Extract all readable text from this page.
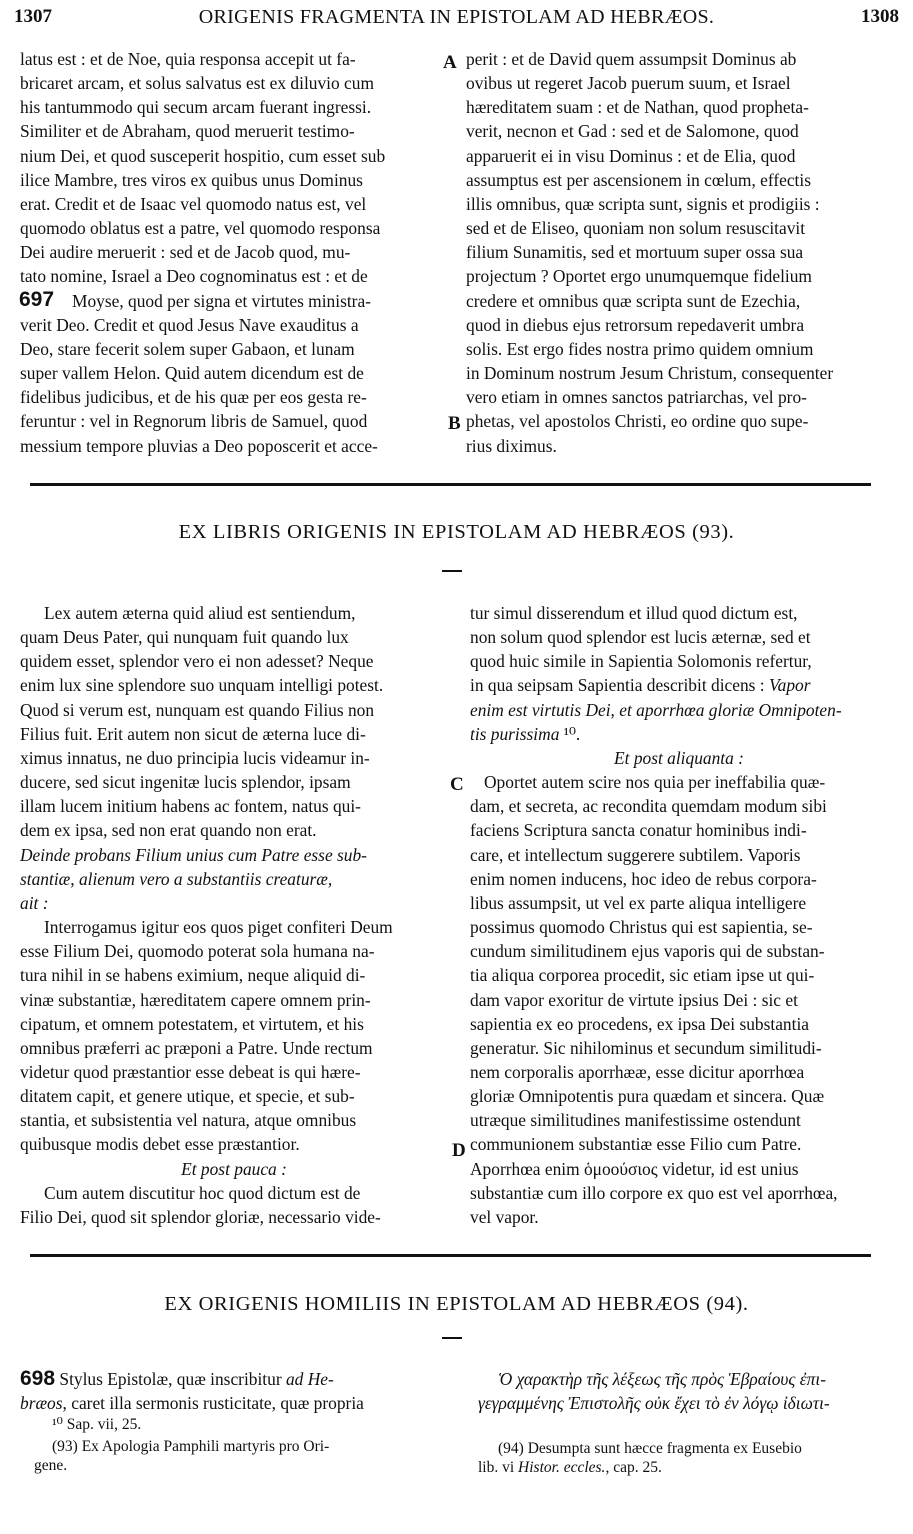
1307	ORIGENIS FRAGMENTA IN EPISTOLAM AD HEBRÆOS.	1308

latus est : et de Noe, quia responsa accepit ut fa-

bricaret arcam, et solus salvatus est ex diluvio cum

his tantummodo qui secum arcam fuerant ingressi.

Similiter et de Abraham, quod meruerit testimo-

nium Dei, et quod susceperit hospitio, cum esset sub

ilice Mambre, tres viros ex quibus unus Dominus

erat. Credit et de Isaac vel quomodo natus est, vel

quomodo oblatus est a patre, vel quomodo responsa

Dei audire meruerit : sed et de Jacob quod, mu-

tato nomine, Israel a Deo cognominatus est : et de

Moyse, quod per signa et virtutes ministra-

verit Deo. Credit et quod Jesus Nave exauditus a

Deo, stare fecerit solem super Gabaon, et lunam

super vallem Helon. Quid autem dicendum est de

fidelibus judicibus, et de his quæ per eos gesta re-

feruntur : vel in Regnorum libris de Samuel, quod

messium tempore pluvias a Deo poposcerit et acce-

697
A
B

perit : et de David quem assumpsit Dominus ab

ovibus ut regeret Jacob puerum suum, et Israel

hæreditatem suam : et de Nathan, quod propheta-

verit, necnon et Gad : sed et de Salomone, quod

apparuerit ei in visu Dominus : et de Elia, quod

assumptus est per ascensionem in cœlum, effectis

illis omnibus, quæ scripta sunt, signis et prodigiis :

sed et de Eliseo, quoniam non solum resuscitavit

filium Sunamitis, sed et mortuum super ossa sua

projectum ? Oportet ergo unumquemque fidelium

credere et omnibus quæ scripta sunt de Ezechia,

quod in diebus ejus retrorsum repedaverit umbra

solis. Est ergo fides nostra primo quidem omnium

in Dominum nostrum Jesum Christum, consequenter

vero etiam in omnes sanctos patriarchas, vel pro-

phetas, vel apostolos Christi, eo ordine quo supe-

rius diximus.

EX LIBRIS ORIGENIS IN EPISTOLAM AD HEBRÆOS (93).

Lex autem æterna quid aliud est sentiendum,

quam Deus Pater, qui nunquam fuit quando lux

quidem esset, splendor vero ei non adesset? Neque

enim lux sine splendore suo unquam intelligi potest.

Quod si verum est, nunquam est quando Filius non

Filius fuit. Erit autem non sicut de æterna luce di-

ximus innatus, ne duo principia lucis videamur in-

ducere, sed sicut ingenitæ lucis splendor, ipsam

illam lucem initium habens ac fontem, natus qui-

dem ex ipsa, sed non erat quando non erat.

Deinde probans Filium unius cum Patre esse sub-

stantiæ, alienum vero a substantiis creaturæ,

ait :

Interrogamus igitur eos quos piget confiteri Deum

esse Filium Dei, quomodo poterat sola humana na-

tura nihil in se habens eximium, neque aliquid di-

vinæ substantiæ, hæreditatem capere omnem prin-

cipatum, et omnem potestatem, et virtutem, et his

omnibus præferri ac præponi a Patre. Unde rectum

videtur quod præstantior esse debeat is qui hære-

ditatem capit, et genere utique, et specie, et sub-

stantia, et subsistentia vel natura, atque omnibus

quibusque modis debet esse præstantior.

Et post pauca :

Cum autem discutitur hoc quod dictum est de

Filio Dei, quod sit splendor gloriæ, necessario vide-

C
D

tur simul disserendum et illud quod dictum est,

non solum quod splendor est lucis æternæ, sed et

quod huic simile in Sapientia Solomonis refertur,

in qua seipsam Sapientia describit dicens : Vapor

enim est virtutis Dei, et aporrhœa gloriæ Omnipoten-

tis purissima ¹⁰.

Et post aliquanta :

Oportet autem scire nos quia per ineffabilia quæ-

dam, et secreta, ac recondita quemdam modum sibi

faciens Scriptura sancta conatur hominibus indi-

care, et intellectum suggerere subtilem. Vaporis

enim nomen inducens, hoc ideo de rebus corpora-

libus assumpsit, ut vel ex parte aliqua intelligere

possimus quomodo Christus qui est sapientia, se-

cundum similitudinem ejus vaporis qui de substan-

tia aliqua corporea procedit, sic etiam ipse ut qui-

dam vapor exoritur de virtute ipsius Dei : sic et

sapientia ex eo procedens, ex ipsa Dei substantia

generatur. Sic nihilominus et secundum similitudi-

nem corporalis aporrhææ, esse dicitur aporrhœa

gloriæ Omnipotentis pura quædam et sincera. Quæ

utræque similitudines manifestissime ostendunt

communionem substantiæ esse Filio cum Patre.

Aporrhœa enim ὁμοούσιος videtur, id est unius

substantiæ cum illo corpore ex quo est vel aporrhœa,

vel vapor.

EX ORIGENIS HOMILIIS IN EPISTOLAM AD HEBRÆOS (94).

698 Stylus Epistolæ, quæ inscribitur ad He-

bræos, caret illa sermonis rusticitate, quæ propria

¹⁰ Sap. vii, 25.

(93) Ex Apologia Pamphili martyris pro Ori-

gene.

Ὁ χαρακτὴρ τῆς λέξεως τῆς πρὸς Ἑβραίους ἐπι-

γεγραμμένης Ἐπιστολῆς οὐκ ἔχει τὸ ἐν λόγῳ ἰδιωτι-

(94) Desumpta sunt hæcce fragmenta ex Eusebio

lib. vi Histor. eccles., cap. 25.
